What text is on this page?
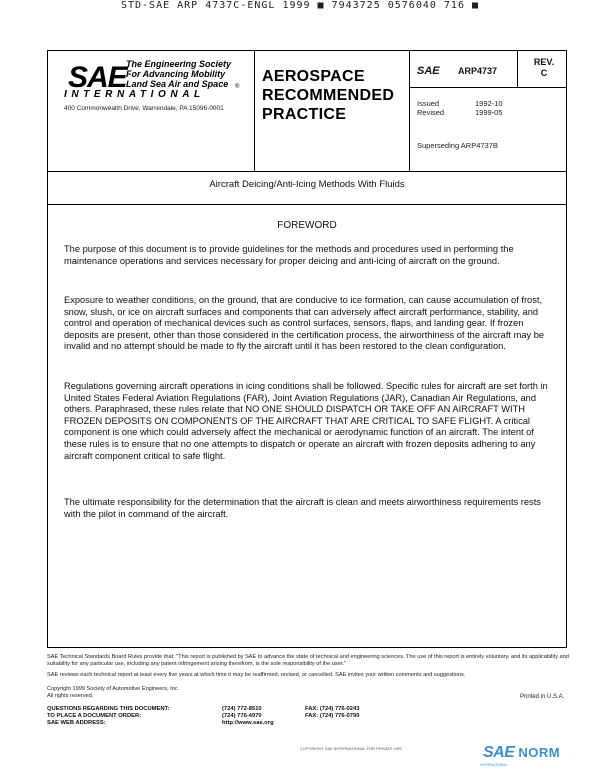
STD-SAE ARP 4737C-ENGL 1999 ■ 7943725 0576040 716 ■
SAE The Engineering Society
For Advancing Mobility
Land Sea Air and Space	®
INTERNATIONAL
400 Commonwealth Drive, Warrendale, PA 15096-0001
AEROSPACE
RECOMMENDED
PRACTICE
SAE ARP4737
REV.
C
Issued	1992-10
Revised	1999-05
Superseding ARP4737B
Aircraft Deicing/Anti-Icing Methods With Fluids
FOREWORD
The purpose of this document is to provide guidelines for the methods and procedures used in performing the maintenance operations and services necessary for proper deicing and anti-icing of aircraft on the ground.
Exposure to weather conditions, on the ground, that are conducive to ice formation, can cause accumulation of frost, snow, slush, or ice on aircraft surfaces and components that can adversely affect aircraft performance, stability, and control and operation of mechanical devices such as control surfaces, sensors, flaps, and landing gear. If frozen deposits are present, other than those considered in the certification process, the airworthiness of the aircraft may be invalid and no attempt should be made to fly the aircraft until it has been restored to the clean configuration.
Regulations governing aircraft operations in icing conditions shall be followed. Specific rules for aircraft are set forth in United States Federal Aviation Regulations (FAR), Joint Aviation Regulations (JAR), Canadian Air Regulations, and others. Paraphrased, these rules relate that NO ONE SHOULD DISPATCH OR TAKE OFF AN AIRCRAFT WITH FROZEN DEPOSITS ON COMPONENTS OF THE AIRCRAFT THAT ARE CRITICAL TO SAFE FLIGHT. A critical component is one which could adversely affect the mechanical or aerodynamic function of an aircraft. The intent of these rules is to ensure that no one attempts to dispatch or operate an aircraft with frozen deposits adhering to any aircraft component critical to safe flight.
The ultimate responsibility for the determination that the aircraft is clean and meets airworthiness requirements rests with the pilot in command of the aircraft.
SAE Technical Standards Board Rules provide that: "This report is published by SAE to advance the state of technical and engineering sciences. The use of this report is entirely voluntary, and its applicability and suitability for any particular use, including any patent infringement arising therefrom, is the sole responsibility of the user."
SAE reviews each technical report at least every five years at which time it may be reaffirmed, revised, or cancelled. SAE invites your written comments and suggestions.
Copyright 1999 Society of Automotive Engineers, Inc.
All rights reserved.	Printed in U.S.A.
QUESTIONS REGARDING THIS DOCUMENT:	(724) 772-8510	FAX: (724) 776-0243
TO PLACE A DOCUMENT ORDER:	(724) 776-4970	FAX: (724) 776-0790
SAE WEB ADDRESS:	http://www.sae.org
COPYRIGHT SAE INTERNATIONAL FOR PRIVATE USE	SAE NORM
INTERNATIONAL
